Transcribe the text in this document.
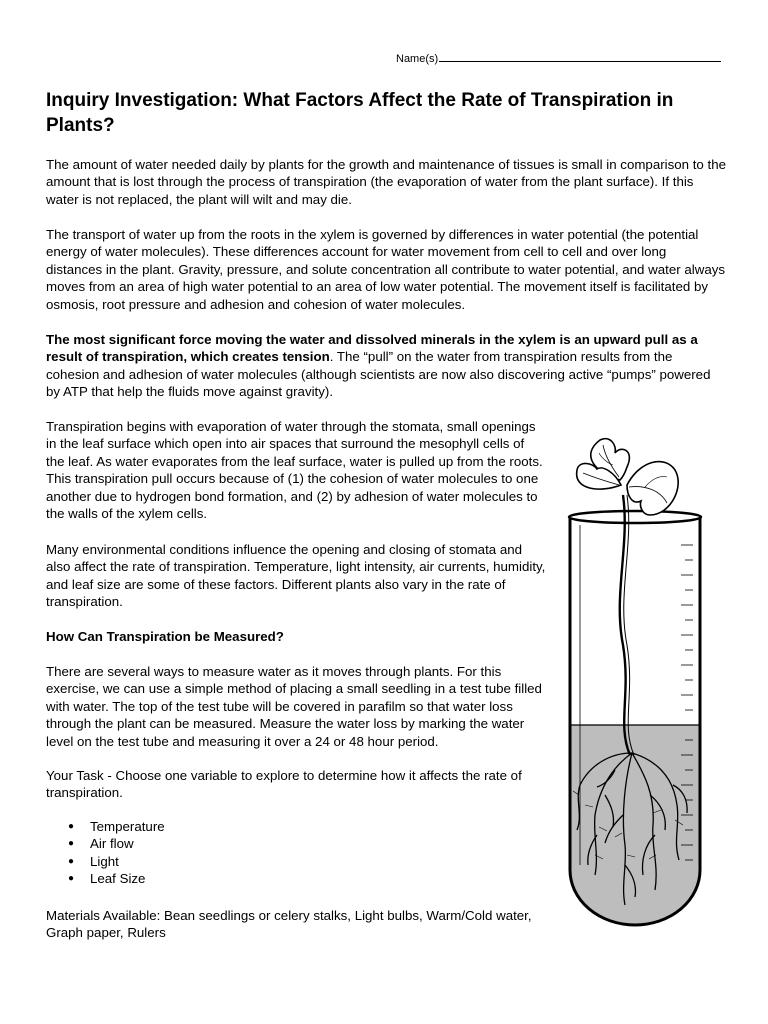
Name(s)
Inquiry Investigation: What Factors Affect the Rate of Transpiration in Plants?

The amount of water needed daily by plants for the growth and maintenance of tissues is small in comparison to the amount that is lost through the process of transpiration (the evaporation of water from the plant surface). If this water is not replaced, the plant will wilt and may die.

The transport of water up from the roots in the xylem is governed by differences in water potential (the potential energy of water molecules). These differences account for water movement from cell to cell and over long distances in the plant. Gravity, pressure, and solute concentration all contribute to water potential, and water always moves from an area of high water potential to an area of low water potential. The movement itself is facilitated by osmosis, root pressure and adhesion and cohesion of water molecules.

The most significant force moving the water and dissolved minerals in the xylem is an upward pull as a result of transpiration, which creates tension. The “pull” on the water from transpiration results from the cohesion and adhesion of water molecules (although scientists are now also discovering active “pumps” powered by ATP that help the fluids move against gravity).

Transpiration begins with evaporation of water through the stomata, small openings in the leaf surface which open into air spaces that surround the mesophyll cells of the leaf. As water evaporates from the leaf surface, water is pulled up from the roots. This transpiration pull occurs because of (1) the cohesion of water molecules to one another due to hydrogen bond formation, and (2) by adhesion of water molecules to the walls of the xylem cells.

Many environmental conditions influence the opening and closing of stomata and also affect the rate of transpiration. Temperature, light intensity, air currents, humidity, and leaf size are some of these factors. Different plants also vary in the rate of transpiration.

How Can Transpiration be Measured?

There are several ways to measure water as it moves through plants. For this exercise, we can use a simple method of placing a small seedling in a test tube filled with water. The top of the test tube will be covered in parafilm so that water loss through the plant can be measured. Measure the water loss by marking the water level on the test tube and measuring it over a 24 or 48 hour period.

Your Task - Choose one variable to explore to determine how it affects the rate of transpiration.

● Temperature
● Air flow
● Light
● Leaf Size

Materials Available: Bean seedlings or celery stalks, Light bulbs, Warm/Cold water, Graph paper, Rulers
